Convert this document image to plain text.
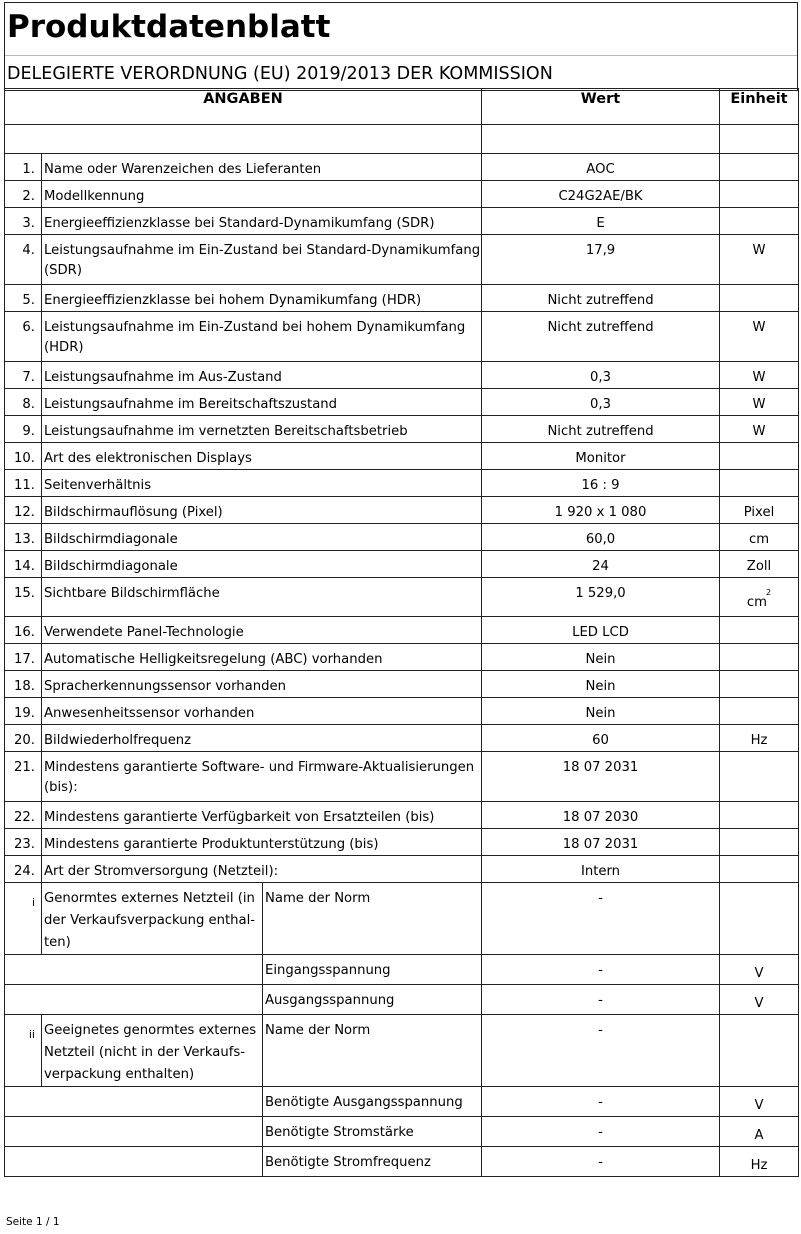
Produktdatenblatt
DELEGIERTE VERORDNUNG (EU) 2019/2013 DER KOMMISSION
ANGABEN			Wert	Einheit

1.	Name oder Warenzeichen des Lieferanten		AOC	
2.	Modellkennung		C24G2AE/BK	
3.	Energieeffizienzklasse bei Standard-Dynamikumfang (SDR)		E	
4.	Leistungsaufnahme im Ein-Zustand bei Standard-Dynamikumfang (SDR)		17,9	W
5.	Energieeffizienzklasse bei hohem Dynamikumfang (HDR)		Nicht zutreffend	
6.	Leistungsaufnahme im Ein-Zustand bei hohem Dynamikumfang (HDR)		Nicht zutreffend	W
7.	Leistungsaufnahme im Aus-Zustand		0,3	W
8.	Leistungsaufnahme im Bereitschaftszustand		0,3	W
9.	Leistungsaufnahme im vernetzten Bereitschaftsbetrieb		Nicht zutreffend	W
10.	Art des elektronischen Displays		Monitor	
11.	Seitenverhältnis		16 : 9	
12.	Bildschirmauflösung (Pixel)		1 920 x 1 080	Pixel
13.	Bildschirmdiagonale		60,0	cm
14.	Bildschirmdiagonale		24	Zoll
15.	Sichtbare Bildschirmfläche		1 529,0	$cm^2$
16.	Verwendete Panel-Technologie		LED LCD	
17.	Automatische Helligkeitsregelung (ABC) vorhanden		Nein	
18.	Spracherkennungssensor vorhanden		Nein	
19.	Anwesenheitssensor vorhanden		Nein	
20.	Bildwiederholfrequenz		60	Hz
21.	Mindestens garantierte Software- und Firmware-Aktualisierungen (bis):		18 07 2031	
22.	Mindestens garantierte Verfügbarkeit von Ersatzteilen (bis)		18 07 2030	
23.	Mindestens garantierte Produktunterstützung (bis)		18 07 2031	
24.	Art der Stromversorgung (Netzteil):		Intern	
i	Genormtes externes Netzteil (in der Verkaufsverpackung enthal-ten)	Name der Norm	-	
		Eingangsspannung	-	V
		Ausgangsspannung	-	V
ii	Geeignetes genormtes externes Netzteil (nicht in der Verkaufs-verpackung enthalten)	Name der Norm	-	
		Benötigte Ausgangsspannung	-	V
		Benötigte Stromstärke	-	A
		Benötigte Stromfrequenz	-	Hz
Seite 1 / 1
